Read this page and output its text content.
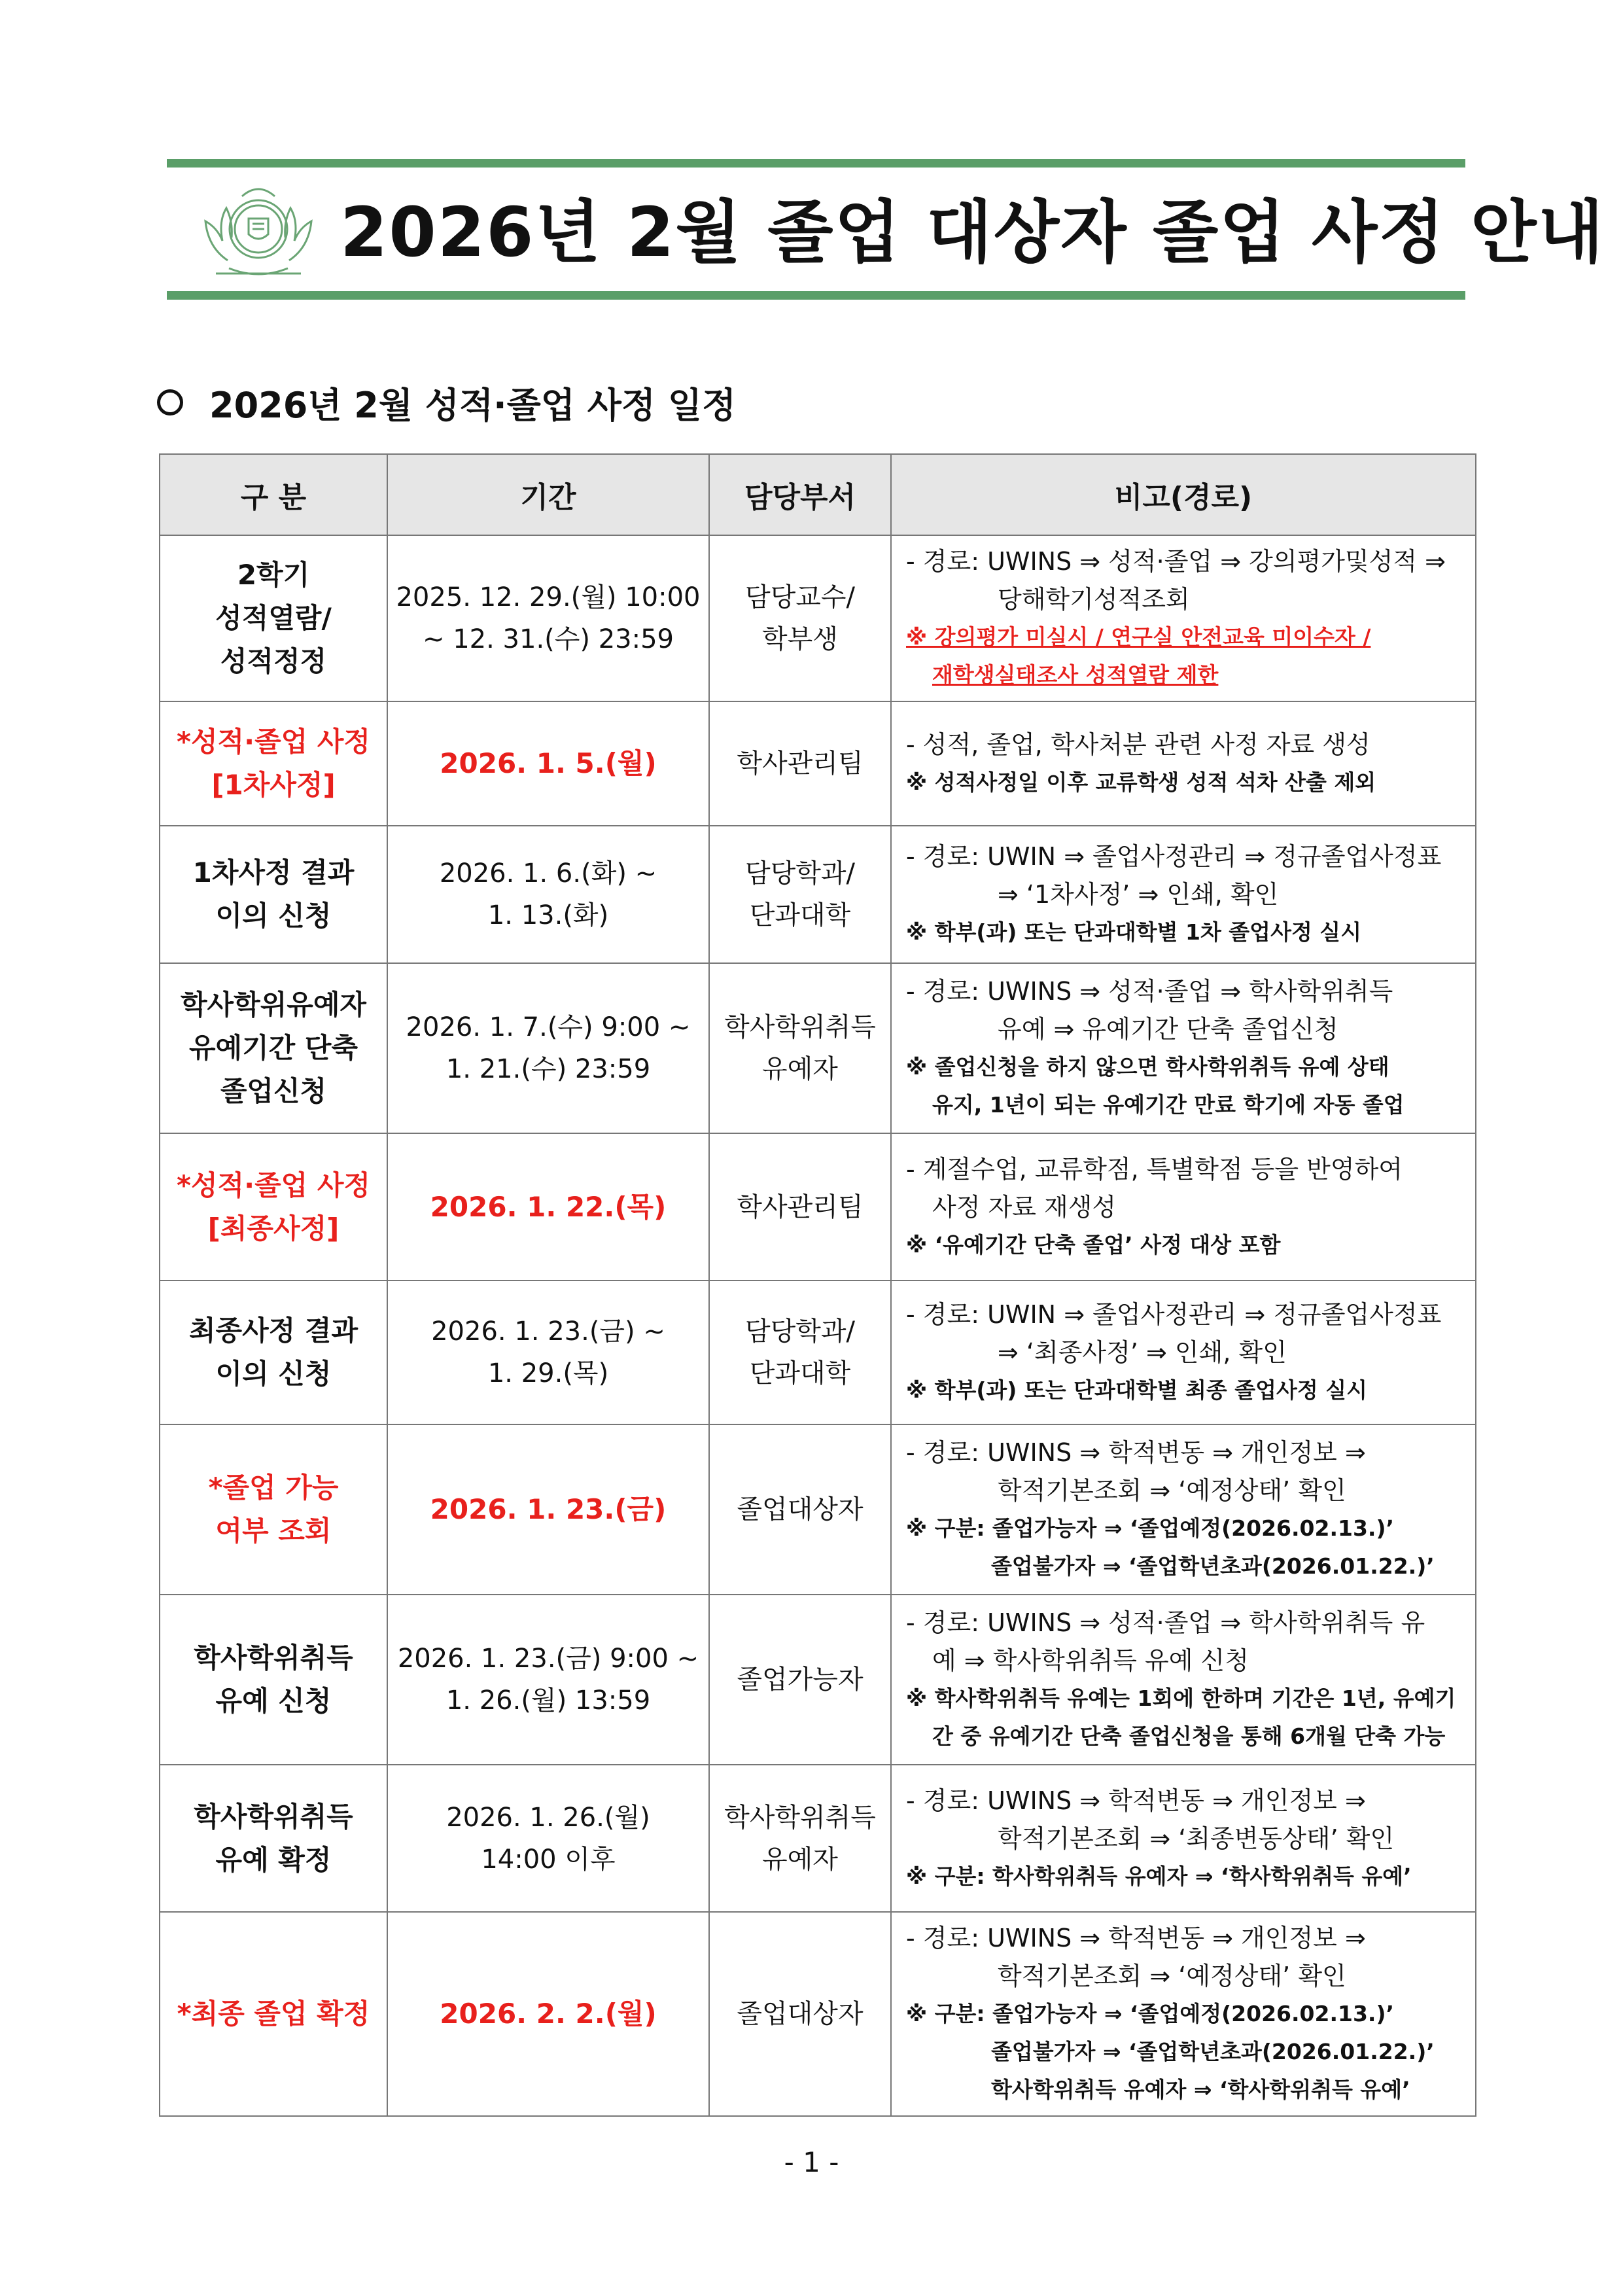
2026년 2월 졸업 대상자 졸업 사정 안내
2026년 2월 성적·졸업 사정 일정
구 분	기간	담당부서	비고(경로)

2학기
성적열람/
성적정정	2025. 12. 29.(월) 10:00
~ 12. 31.(수) 23:59	담당교수/
학부생	- 경로: UWINS ⇒ 성적·졸업 ⇒ 강의평가및성적 ⇒
당해학기성적조회
※ 강의평가 미실시 / 연구실 안전교육 미이수자 /
재학생실태조사 성적열람 제한

*성적·졸업 사정
[1차사정]	2026. 1. 5.(월)	학사관리팀	- 성적, 졸업, 학사처분 관련 사정 자료 생성
※ 성적사정일 이후 교류학생 성적 석차 산출 제외

1차사정 결과
이의 신청	2026. 1. 6.(화) ~
1. 13.(화)	담당학과/
단과대학	- 경로: UWIN ⇒ 졸업사정관리 ⇒ 정규졸업사정표
⇒ ‘1차사정’ ⇒ 인쇄, 확인
※ 학부(과) 또는 단과대학별 1차 졸업사정 실시

학사학위유예자
유예기간 단축
졸업신청	2026. 1. 7.(수) 9:00 ~
1. 21.(수) 23:59	학사학위취득
유예자	- 경로: UWINS ⇒ 성적·졸업 ⇒ 학사학위취득
유예 ⇒ 유예기간 단축 졸업신청
※ 졸업신청을 하지 않으면 학사학위취득 유예 상태
유지, 1년이 되는 유예기간 만료 학기에 자동 졸업

*성적·졸업 사정
[최종사정]	2026. 1. 22.(목)	학사관리팀	- 계절수업, 교류학점, 특별학점 등을 반영하여
사정 자료 재생성
※ ‘유예기간 단축 졸업’ 사정 대상 포함

최종사정 결과
이의 신청	2026. 1. 23.(금) ~
1. 29.(목)	담당학과/
단과대학	- 경로: UWIN ⇒ 졸업사정관리 ⇒ 정규졸업사정표
⇒ ‘최종사정’ ⇒ 인쇄, 확인
※ 학부(과) 또는 단과대학별 최종 졸업사정 실시

*졸업 가능
여부 조회	2026. 1. 23.(금)	졸업대상자	- 경로: UWINS ⇒ 학적변동 ⇒ 개인정보 ⇒
학적기본조회 ⇒ ‘예정상태’ 확인
※ 구분: 졸업가능자 ⇒ ‘졸업예정(2026.02.13.)’
졸업불가자 ⇒ ‘졸업학년초과(2026.01.22.)’

학사학위취득
유예 신청	2026. 1. 23.(금) 9:00 ~
1. 26.(월) 13:59	졸업가능자	- 경로: UWINS ⇒ 성적·졸업 ⇒ 학사학위취득 유
예 ⇒ 학사학위취득 유예 신청
※ 학사학위취득 유예는 1회에 한하며 기간은 1년, 유예기
간 중 유예기간 단축 졸업신청을 통해 6개월 단축 가능

학사학위취득
유예 확정	2026. 1. 26.(월)
14:00 이후	학사학위취득
유예자	- 경로: UWINS ⇒ 학적변동 ⇒ 개인정보 ⇒
학적기본조회 ⇒ ‘최종변동상태’ 확인
※ 구분: 학사학위취득 유예자 ⇒ ‘학사학위취득 유예’

*최종 졸업 확정	2026. 2. 2.(월)	졸업대상자	- 경로: UWINS ⇒ 학적변동 ⇒ 개인정보 ⇒
학적기본조회 ⇒ ‘예정상태’ 확인
※ 구분: 졸업가능자 ⇒ ‘졸업예정(2026.02.13.)’
졸업불가자 ⇒ ‘졸업학년초과(2026.01.22.)’
학사학위취득 유예자 ⇒ ‘학사학위취득 유예’
- 1 -
